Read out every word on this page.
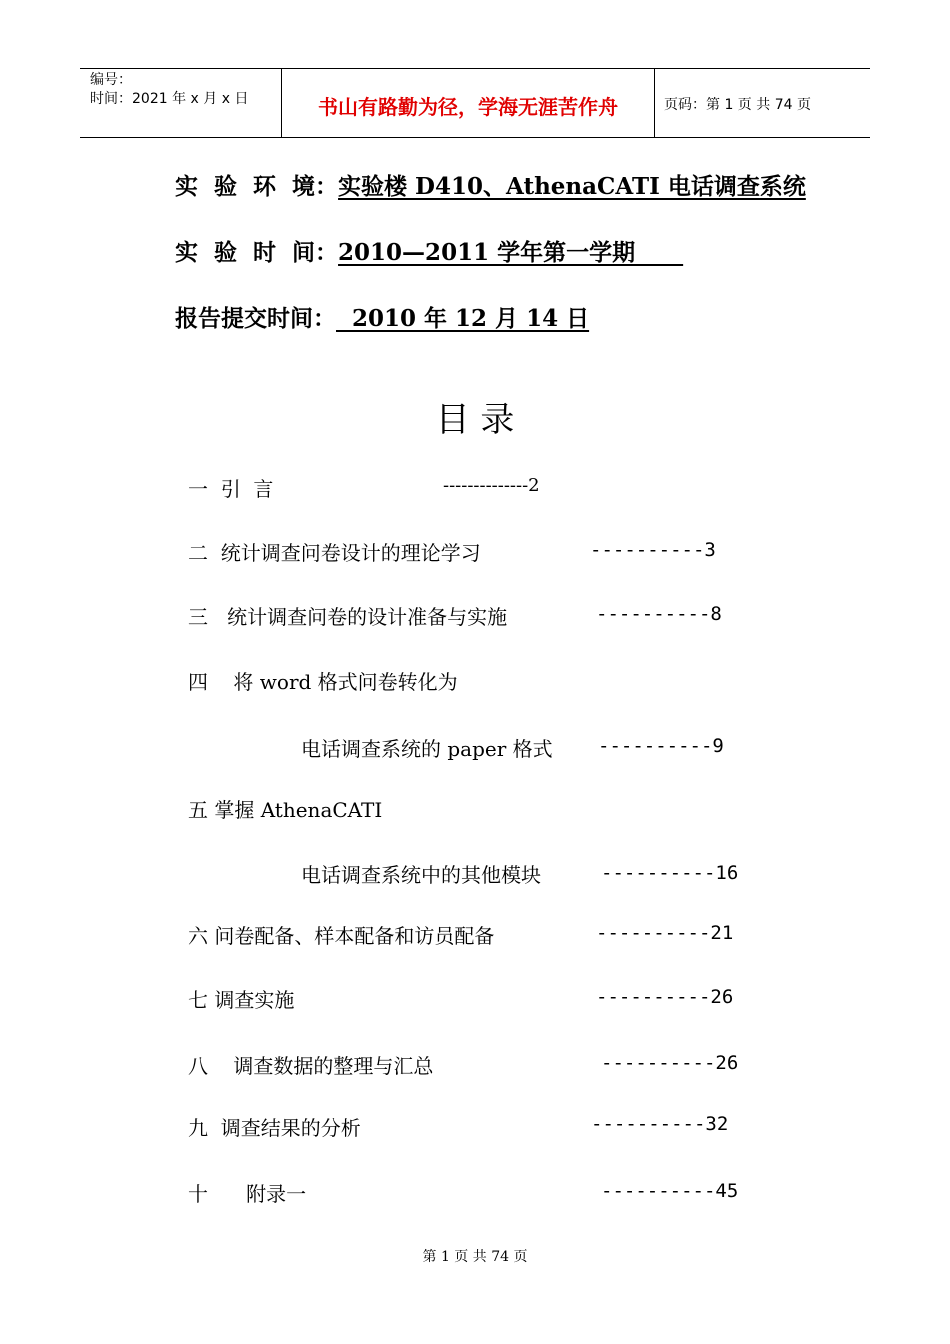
编号：
时间：2021 年 x 月 x 日	书山有路勤为径，学海无涯苦作舟	页码：第 1 页 共 74 页
实  验  环  境：实验楼 D410、AthenaCATI 电话调查系统
实  验  时  间：2010—2011 学年第一学期
报告提交时间：  2010 年 12 月 14 日
目 录
一  引  言	--------------2
二  统计调查问卷设计的理论学习	----------3
三   统计调查问卷的设计准备与实施	----------8
四    将 word 格式问卷转化为
电话调查系统的 paper 格式 ----------9
五 掌握 AthenaCATI
电话调查系统中的其他模块	----------16
六 问卷配备、样本配备和访员配备	----------21
七 调查实施	----------26
八    调查数据的整理与汇总	----------26
九  调查结果的分析	----------32
十      附录一	----------45
第 1 页 共 74 页
